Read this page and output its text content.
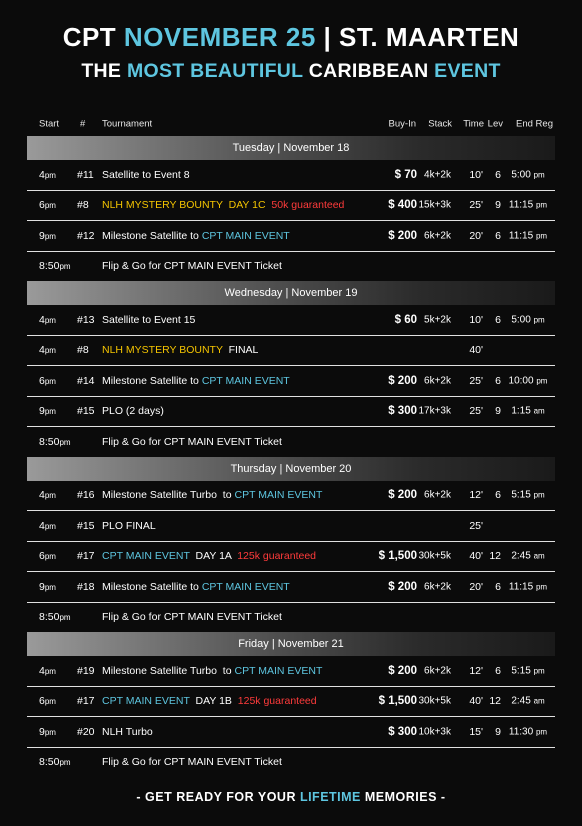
CPT NOVEMBER 25 | ST. MAARTEN
THE MOST BEAUTIFUL CARIBBEAN EVENT
Start # Tournament	Buy-In Stack Time Lev End Reg
Tuesday | November 18
4pm #11 Satellite to Event 8	$ 70 4k+2k 10' 6	5:00 pm
6pm #8 NLH MYSTERY BOUNTY  DAY 1C  50k guaranteed	$ 400 15k+3k 25' 9 11:15 pm
9pm #12 Milestone Satellite to CPT MAIN EVENT	$ 200 6k+2k 20' 6 11:15 pm
8:50pm	Flip & Go for CPT MAIN EVENT Ticket
Wednesday | November 19
4pm #13 Satellite to Event 15	$ 60 5k+2k 10' 6	5:00 pm
4pm #8 NLH MYSTERY BOUNTY  FINAL	40'
6pm #14 Milestone Satellite to CPT MAIN EVENT	$ 200 6k+2k 25' 6 10:00 pm
9pm #15 PLO (2 days)	$ 300 17k+3k 25' 9	1:15 am
8:50pm	Flip & Go for CPT MAIN EVENT Ticket
Thursday | November 20
4pm #16 Milestone Satellite Turbo  to CPT MAIN EVENT	$ 200 6k+2k 12' 6	5:15 pm
4pm #15 PLO FINAL	25'
6pm #17 CPT MAIN EVENT  DAY 1A  125k guaranteed	$ 1,500 30k+5k 40' 12	2:45 am
9pm #18 Milestone Satellite to CPT MAIN EVENT	$ 200 6k+2k 20' 6 11:15 pm
8:50pm	Flip & Go for CPT MAIN EVENT Ticket
Friday | November 21
4pm #19 Milestone Satellite Turbo  to CPT MAIN EVENT	$ 200 6k+2k 12' 6	5:15 pm
6pm #17 CPT MAIN EVENT  DAY 1B  125k guaranteed	$ 1,500 30k+5k 40' 12	2:45 am
9pm #20 NLH Turbo	$ 300 10k+3k 15' 9 11:30 pm
8:50pm	Flip & Go for CPT MAIN EVENT Ticket
- GET READY FOR YOUR LIFETIME MEMORIES -
